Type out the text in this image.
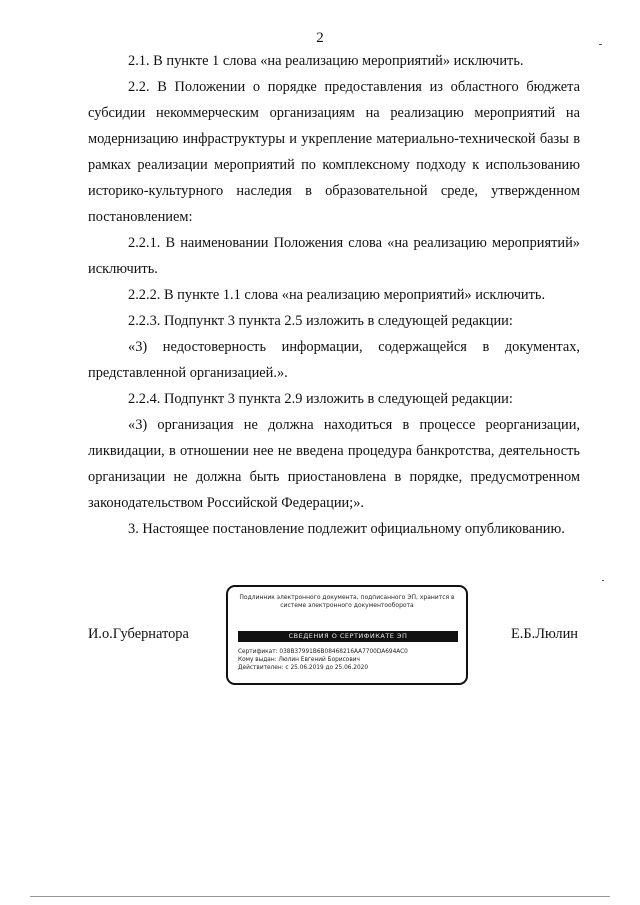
2

2.1. В пункте 1 слова «на реализацию мероприятий» исключить.

2.2. В Положении о порядке предоставления из областного бюджета субсидии некоммерческим организациям на реализацию мероприятий на модернизацию инфраструктуры и укрепление материально-технической базы в рамках реализации мероприятий по комплексному подходу к использованию историко-культурного наследия в образовательной среде, утвержденном постановлением:

2.2.1. В наименовании Положения слова «на реализацию мероприятий» исключить.

2.2.2. В пункте 1.1 слова «на реализацию мероприятий» исключить.

2.2.3. Подпункт 3 пункта 2.5 изложить в следующей редакции:

«3) недостоверность информации, содержащейся в документах, представленной организацией.».

2.2.4. Подпункт 3 пункта 2.9 изложить в следующей редакции:

«3) организация не должна находиться в процессе реорганизации, ликвидации, в отношении нее не введена процедура банкротства, деятельность организации не должна быть приостановлена в порядке, предусмотренном законодательством Российской Федерации;».

3. Настоящее постановление подлежит официальному опубликованию.

И.о.Губернатора	Е.Б.Люлин
Подлинник электронного документа, подписанного ЭП, хранится в системе электронного документооборота
СВЕДЕНИЯ О СЕРТИФИКАТЕ ЭП
Сертификат: 038B37991B6B08468216AA7700DA694AC0
Кому выдан: Люлин Евгений Борисович
Действителен: с 25.06.2019 до 25.06.2020
